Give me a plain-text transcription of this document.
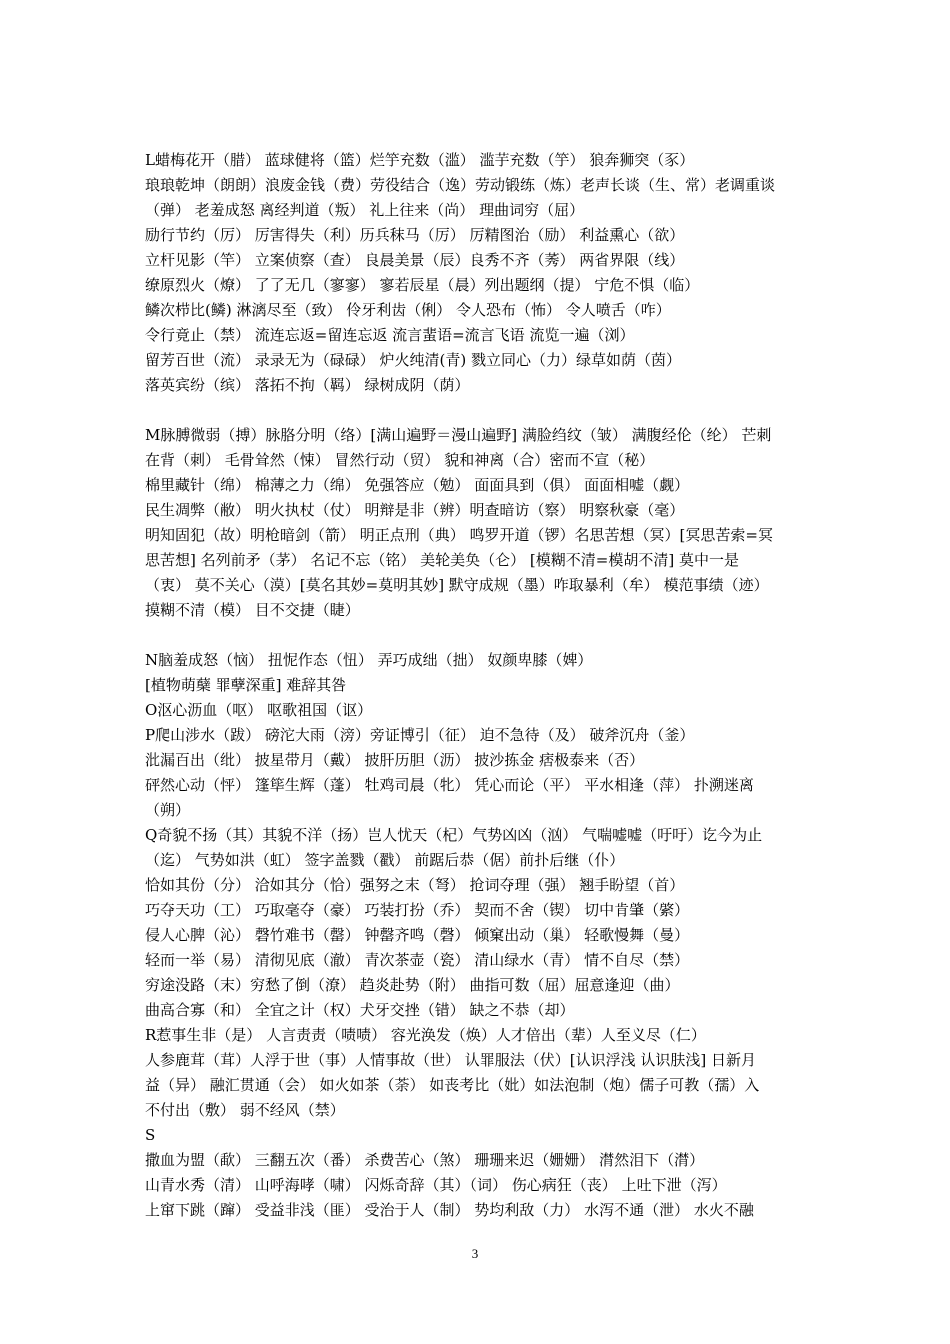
L蜡梅花开（腊） 蓝球健将（篮）烂竽充数（滥） 滥芋充数（竽） 狼奔狮突（豕）
琅琅乾坤（朗朗）浪废金钱（费）劳役结合（逸）劳动锻练（炼）老声长谈（生、常）老调重谈
（弹） 老羞成怒 离经判道（叛） 礼上往来（尚） 理曲词穷（屈）
励行节约（厉） 厉害得失（利）历兵秣马（厉） 厉精图治（励） 利益熏心（欲）
立杆见影（竿） 立案侦察（查） 良晨美景（辰）良秀不齐（莠） 两省界限（线）
缭原烈火（燎） 了了无几（寥寥） 寥若辰星（晨）列出题纲（提） 宁危不惧（临）
鳞次栉比(鳞) 淋漓尽至（致） 伶牙利齿（俐） 令人恐布（怖） 令人喷舌（咋）
令行竟止（禁） 流连忘返=留连忘返 流言蜚语=流言飞语 流览一遍（浏）
留芳百世（流） 录录无为（碌碌） 炉火纯清(青) 戮立同心（力）绿草如荫（茵）
落英宾纷（缤） 落拓不拘（羁） 绿树成阴（荫）
M脉膊微弱（搏）脉胳分明（络）[满山遍野＝漫山遍野] 满脸绉纹（皱） 满腹经伦（纶） 芒刺
在背（刺） 毛骨耸然（悚） 冒然行动（贸） 貌和神离（合）密而不宣（秘）
棉里藏针（绵） 棉薄之力（绵） 免强答应（勉） 面面具到（俱） 面面相嘘（觑）
民生凋弊（敝） 明火执杖（仗） 明辩是非（辨）明查暗访（察） 明察秋豪（毫）
明知固犯（故）明枪暗剑（箭） 明正点刑（典） 鸣罗开道（锣）名思苦想（冥）[冥思苦索=冥
思苦想] 名列前矛（茅） 名记不忘（铭） 美轮美奂（仑） [模糊不清=模胡不清] 莫中一是
（衷） 莫不关心（漠）[莫名其妙=莫明其妙] 默守成规（墨）咋取暴利（牟） 模范事绩（迹）
摸糊不清（模） 目不交捷（睫）
N脑羞成怒（恼） 扭怩作态（忸） 弄巧成绌（拙） 奴颜卑膝（婢）
[植物萌蘖 罪孽深重] 难辞其咎
O沤心沥血（呕） 呕歌祖国（讴）
P爬山涉水（跋） 磅沱大雨（滂）旁证博引（征） 迫不急待（及） 破斧沉舟（釜）
沘漏百出（纰） 披星带月（戴） 披肝历胆（沥） 披沙拣金 痞极泰来（否）
砰然心动（怦） 篷筚生辉（蓬） 牡鸡司晨（牝） 凭心而论（平） 平水相逢（萍） 扑溯迷离
（朔）
Q奇貌不扬（其）其貌不洋（扬）岂人忧天（杞）气势凶凶（汹） 气喘嘘嘘（吁吁）讫今为止
（迄） 气势如洪（虹） 签字盖戮（戳） 前踞后恭（倨）前扑后继（仆）
恰如其份（分） 洽如其分（恰）强努之末（弩） 抢词夺理（强） 翘手盼望（首）
巧夺天功（工） 巧取毫夺（豪） 巧装打扮（乔） 契而不舍（锲） 切中肯肇（綮）
侵人心脾（沁） 磬竹难书（罄） 钟罄齐鸣（磬） 倾窠出动（巢） 轻歌慢舞（曼）
轻而一举（易） 清彻见底（澈） 青次茶壶（瓷） 清山绿水（青） 情不自尽（禁）
穷途没路（末）穷愁了倒（潦） 趋炎赴势（附） 曲指可数（屈）屈意逢迎（曲）
曲高合寡（和） 全宜之计（权）犬牙交挫（错） 缺之不恭（却）
R惹事生非（是） 人言责责（啧啧） 容光涣发（焕）人才倍出（辈）人至义尽（仁）
人参鹿茸（茸）人浮于世（事）人情事故（世） 认罪服法（伏）[认识浮浅 认识肤浅] 日新月
益（异） 融汇贯通（会） 如火如茶（荼） 如丧考比（妣）如法泡制（炮）儒子可教（孺）入
不付出（敷） 弱不经风（禁）
S
撒血为盟（歃） 三翻五次（番） 杀费苦心（煞） 珊珊来迟（姗姗） 潸然泪下（潸）
山青水秀（清） 山呼海哮（啸） 闪烁奇辞（其）（词） 伤心病狂（丧） 上吐下泄（泻）
上窜下跳（蹿） 受益非浅（匪） 受治于人（制） 势均利敌（力） 水泻不通（泄） 水火不融
3
